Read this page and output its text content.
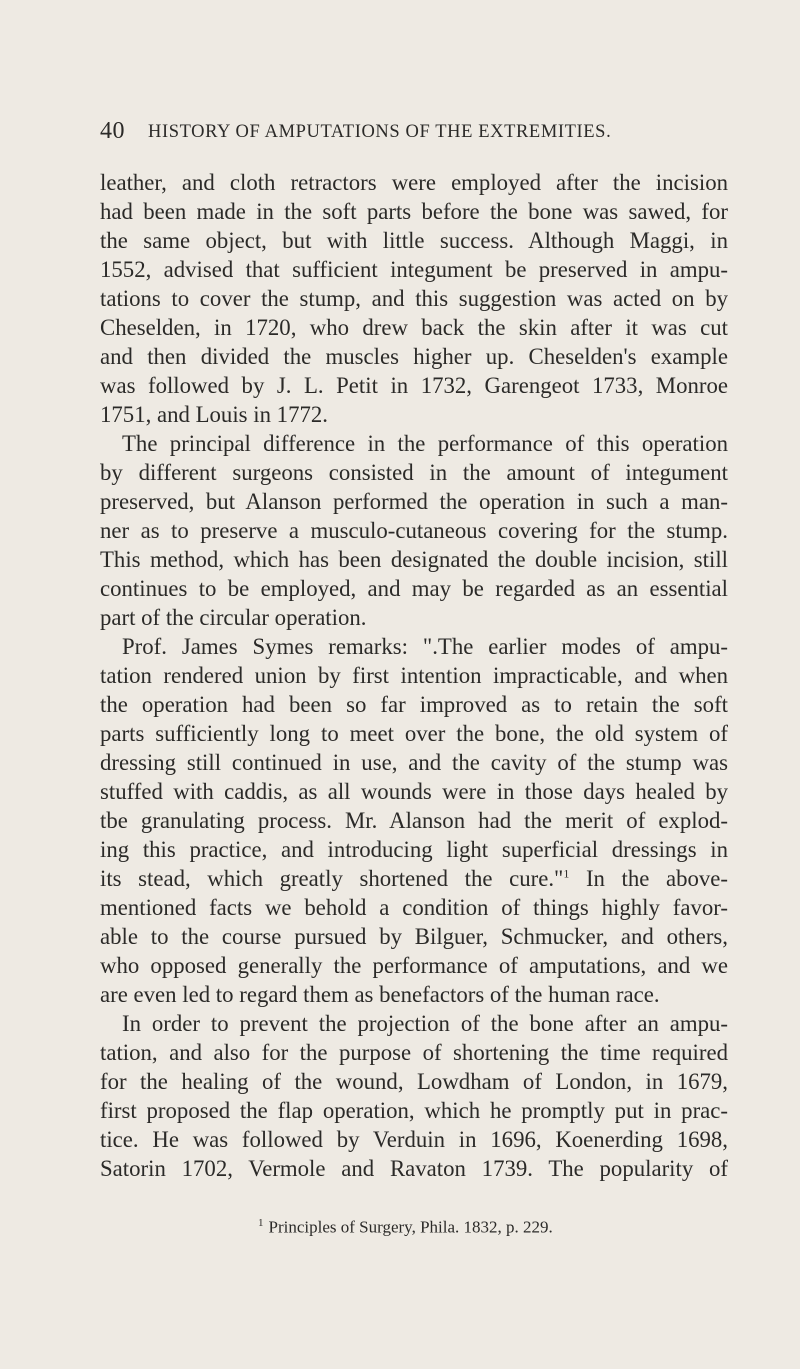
40 HISTORY OF AMPUTATIONS OF THE EXTREMITIES.
leather, and cloth retractors were employed after the incision
had been made in the soft parts before the bone was sawed, for
the same object, but with little success. Although Maggi, in
1552, advised that sufficient integument be preserved in ampu-
tations to cover the stump, and this suggestion was acted on by
Cheselden, in 1720, who drew back the skin after it was cut
and then divided the muscles higher up. Cheselden's example
was followed by J. L. Petit in 1732, Garengeot 1733, Monroe
1751, and Louis in 1772.
The principal difference in the performance of this operation
by different surgeons consisted in the amount of integument
preserved, but Alanson performed the operation in such a man-
ner as to preserve a musculo-cutaneous covering for the stump.
This method, which has been designated the double incision, still
continues to be employed, and may be regarded as an essential
part of the circular operation.
Prof. James Symes remarks: ".The earlier modes of ampu-
tation rendered union by first intention impracticable, and when
the operation had been so far improved as to retain the soft
parts sufficiently long to meet over the bone, the old system of
dressing still continued in use, and the cavity of the stump was
stuffed with caddis, as all wounds were in those days healed by
tbe granulating process. Mr. Alanson had the merit of explod-
ing this practice, and introducing light superficial dressings in
its stead, which greatly shortened the cure."$^1$ In the above-
mentioned facts we behold a condition of things highly favor-
able to the course pursued by Bilguer, Schmucker, and others,
who opposed generally the performance of amputations, and we
are even led to regard them as benefactors of the human race.
In order to prevent the projection of the bone after an ampu-
tation, and also for the purpose of shortening the time required
for the healing of the wound, Lowdham of London, in 1679,
first proposed the flap operation, which he promptly put in prac-
tice. He was followed by Verduin in 1696, Koenerding 1698,
Satorin 1702, Vermole and Ravaton 1739. The popularity of
$^1$ Principles of Surgery, Phila. 1832, p. 229.
